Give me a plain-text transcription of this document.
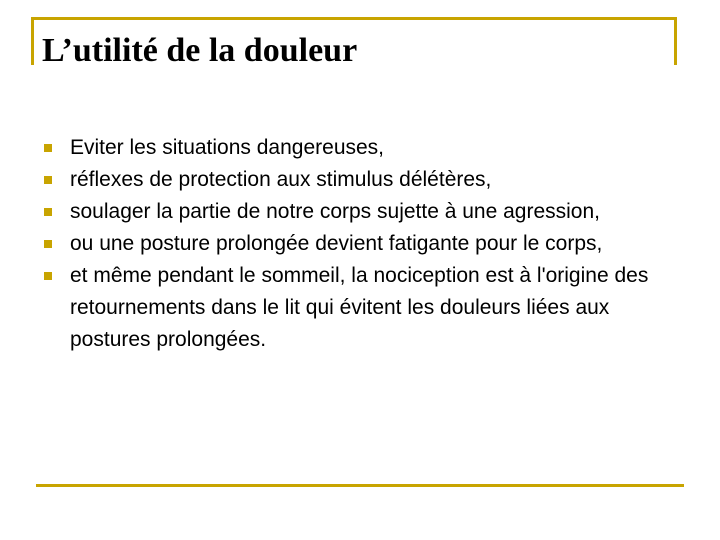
L’utilité de la douleur
Eviter les situations dangereuses,
réflexes de protection aux stimulus délétères,
soulager la partie de notre corps sujette à une agression,
ou une posture prolongée devient fatigante pour le corps,
et même pendant le sommeil, la nociception est à l'origine des retournements dans le lit qui évitent les douleurs liées aux postures prolongées.
